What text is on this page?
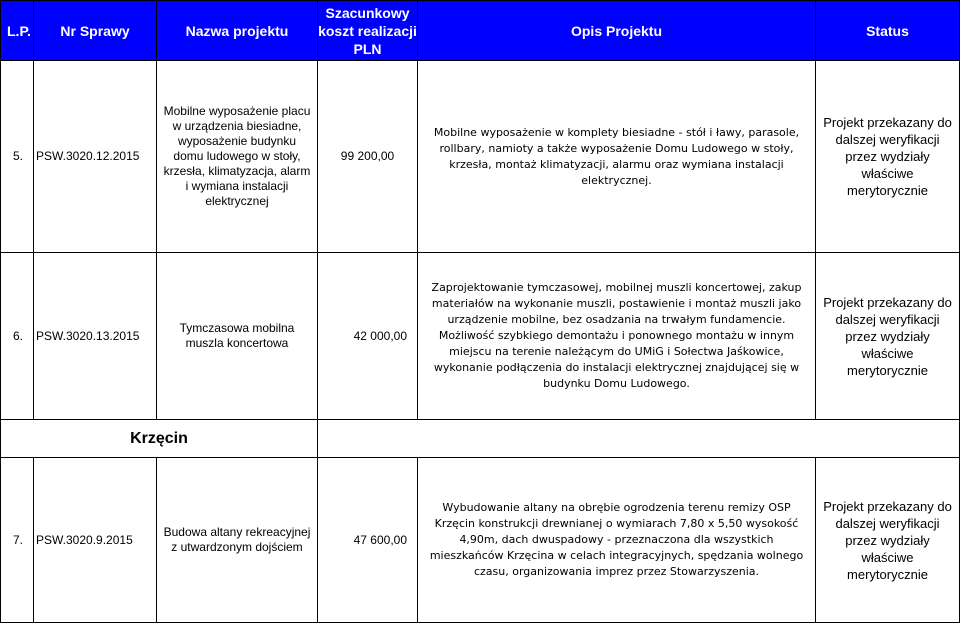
L.P.	Nr Sprawy	Nazwa projektu	Szacunkowy
koszt realizacji
PLN	Opis Projektu	Status
5.	PSW.3020.12.2015	Mobilne wyposażenie placu w urządzenia biesiadne, wyposażenie budynku domu ludowego w stoły, krzesła, klimatyzacja, alarm i wymiana instalacji elektrycznej	99 200,00	Mobilne wyposażenie w komplety biesiadne - stół i ławy, parasole, rollbary, namioty a także wyposażenie Domu Ludowego w stoły, krzesła, montaż klimatyzacji, alarmu oraz wymiana instalacji elektrycznej.	Projekt przekazany do dalszej weryfikacji przez wydziały właściwe merytorycznie
6.	PSW.3020.13.2015	Tymczasowa mobilna muszla koncertowa	42 000,00	Zaprojektowanie tymczasowej, mobilnej muszli koncertowej, zakup materiałów na wykonanie muszli, postawienie i montaż muszli jako urządzenie mobilne, bez osadzania na trwałym fundamencie. Możliwość szybkiego demontażu i ponownego montażu w innym miejscu na terenie należącym do UMiG i Sołectwa Jaśkowice, wykonanie podłączenia do instalacji elektrycznej znajdującej się w budynku Domu Ludowego.	Projekt przekazany do dalszej weryfikacji przez wydziały właściwe merytorycznie
Krzęcin					
7.	PSW.3020.9.2015	Budowa altany rekreacyjnej z utwardzonym dojściem	47 600,00	Wybudowanie altany na obrębie ogrodzenia terenu remizy OSP Krzęcin konstrukcji drewnianej o wymiarach 7,80 x 5,50 wysokość 4,90m, dach dwuspadowy - przeznaczona dla wszystkich mieszkańców Krzęcina w celach integracyjnych, spędzania wolnego czasu, organizowania imprez przez Stowarzyszenia.	Projekt przekazany do dalszej weryfikacji przez wydziały właściwe merytorycznie
